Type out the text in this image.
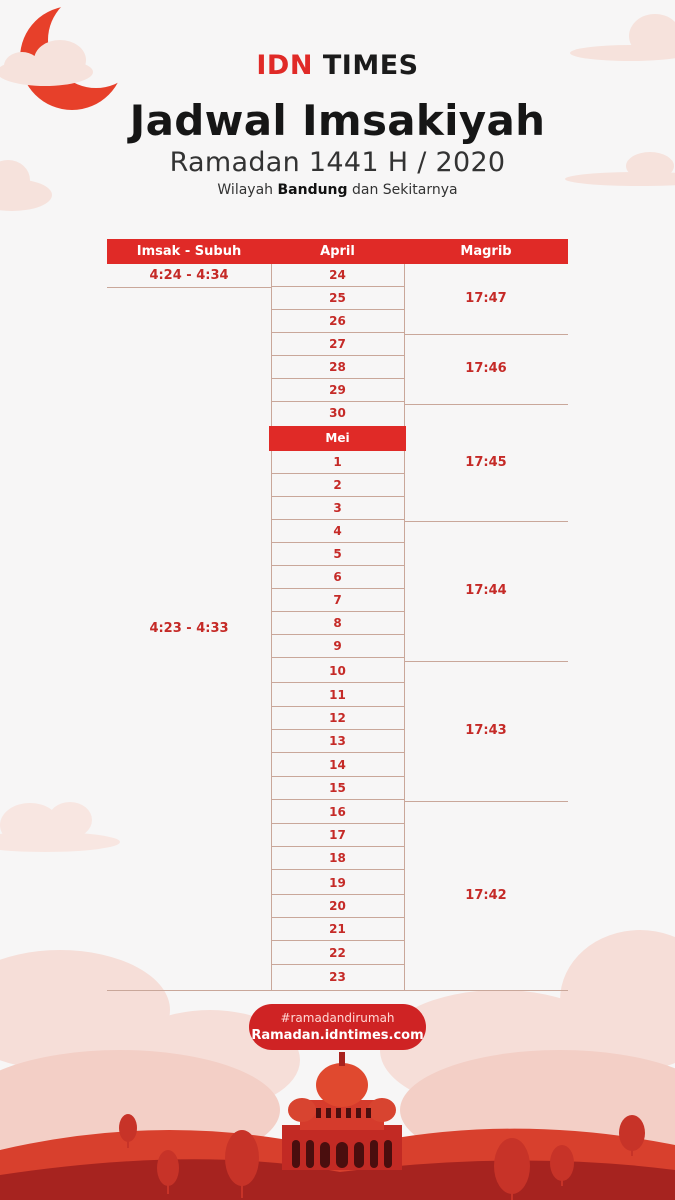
IDN TIMES
Jadwal Imsakiyah
Ramadan 1441 H / 2020
Wilayah Bandung dan Sekitarnya
Imsak - Subuh	April	Magrib
4:24 - 4:34
4:23 - 4:33
17:47
17:46
17:45
17:44
17:43
17:42
24
25
26
27
28
29
30
Mei
1
2
3
4
5
6
7
8
9
10
11
12
13
14
15
16
17
18
19
20
21
22
23
#ramadandirumah
Ramadan.idntimes.com
